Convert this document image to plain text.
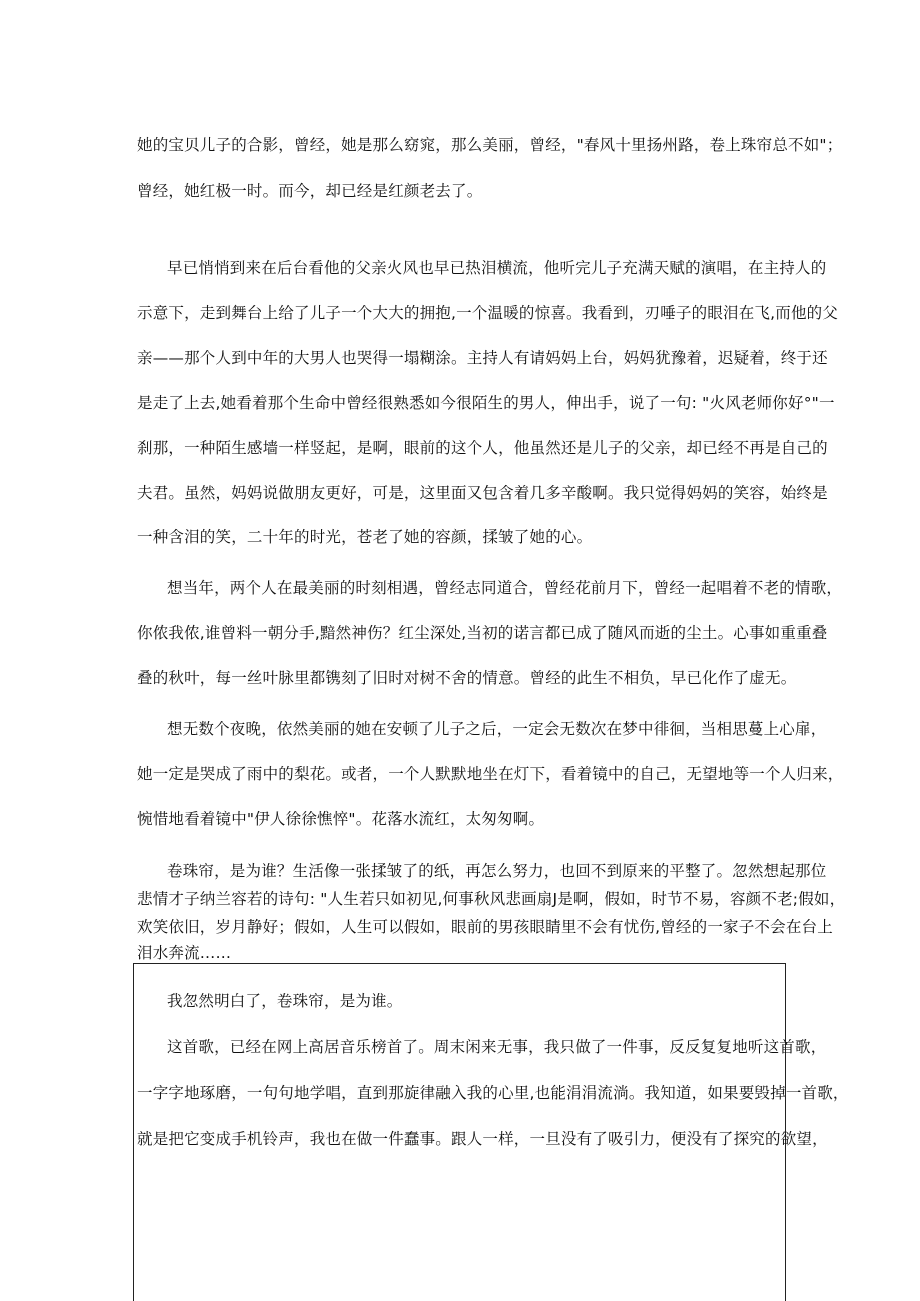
她的宝贝儿子的合影，曾经，她是那么窈窕，那么美丽，曾经，"春风十里扬州路，卷上珠帘总不如"；
曾经，她红极一时。而今，却已经是红颜老去了。
早已悄悄到来在后台看他的父亲火风也早已热泪横流，他听完儿子充满天赋的演唱，在主持人的
示意下，走到舞台上给了儿子一个大大的拥抱,一个温暖的惊喜。我看到，刃唾子的眼泪在飞,而他的父
亲——那个人到中年的大男人也哭得一塌糊涂。主持人有请妈妈上台，妈妈犹豫着，迟疑着，终于还
是走了上去,她看着那个生命中曾经很熟悉如今很陌生的男人，伸出手，说了一句: "火风老师你好°"一
刹那，一种陌生感墙一样竖起，是啊，眼前的这个人，他虽然还是儿子的父亲，却已经不再是自己的
夫君。虽然，妈妈说做朋友更好，可是，这里面又包含着几多辛酸啊。我只觉得妈妈的笑容，始终是
一种含泪的笑，二十年的时光，苍老了她的容颜，揉皱了她的心。
想当年，两个人在最美丽的时刻相遇，曾经志同道合，曾经花前月下，曾经一起唱着不老的情歌，
你侬我侬,谁曾料一朝分手,黯然神伤？红尘深处,当初的诺言都已成了随风而逝的尘土。心事如重重叠
叠的秋叶，每一丝叶脉里都镌刻了旧时对树不舍的情意。曾经的此生不相负，早已化作了虚无。
想无数个夜晚，依然美丽的她在安顿了儿子之后，一定会无数次在梦中徘徊，当相思蔓上心扉，
她一定是哭成了雨中的梨花。或者，一个人默默地坐在灯下，看着镜中的自己，无望地等一个人归来，
惋惜地看着镜中"伊人徐徐憔悴"。花落水流红，太匆匆啊。
卷珠帘，是为谁？生活像一张揉皱了的纸，再怎么努力，也回不到原来的平整了。忽然想起那位
悲情才子纳兰容若的诗句: "人生若只如初见,何事秋风悲画扇J是啊，假如，时节不易，容颜不老;假如，
欢笑依旧，岁月静好；假如，人生可以假如，眼前的男孩眼睛里不会有忧伤,曾经的一家子不会在台上
泪水奔流……
我忽然明白了，卷珠帘，是为谁。
这首歌，已经在网上高居音乐榜首了。周末闲来无事，我只做了一件事，反反复复地听这首歌，
一字字地琢磨，一句句地学唱，直到那旋律融入我的心里,也能涓涓流淌。我知道，如果要毁掉一首歌，
就是把它变成手机铃声，我也在做一件蠢事。跟人一样，一旦没有了吸引力，便没有了探究的欲望，
